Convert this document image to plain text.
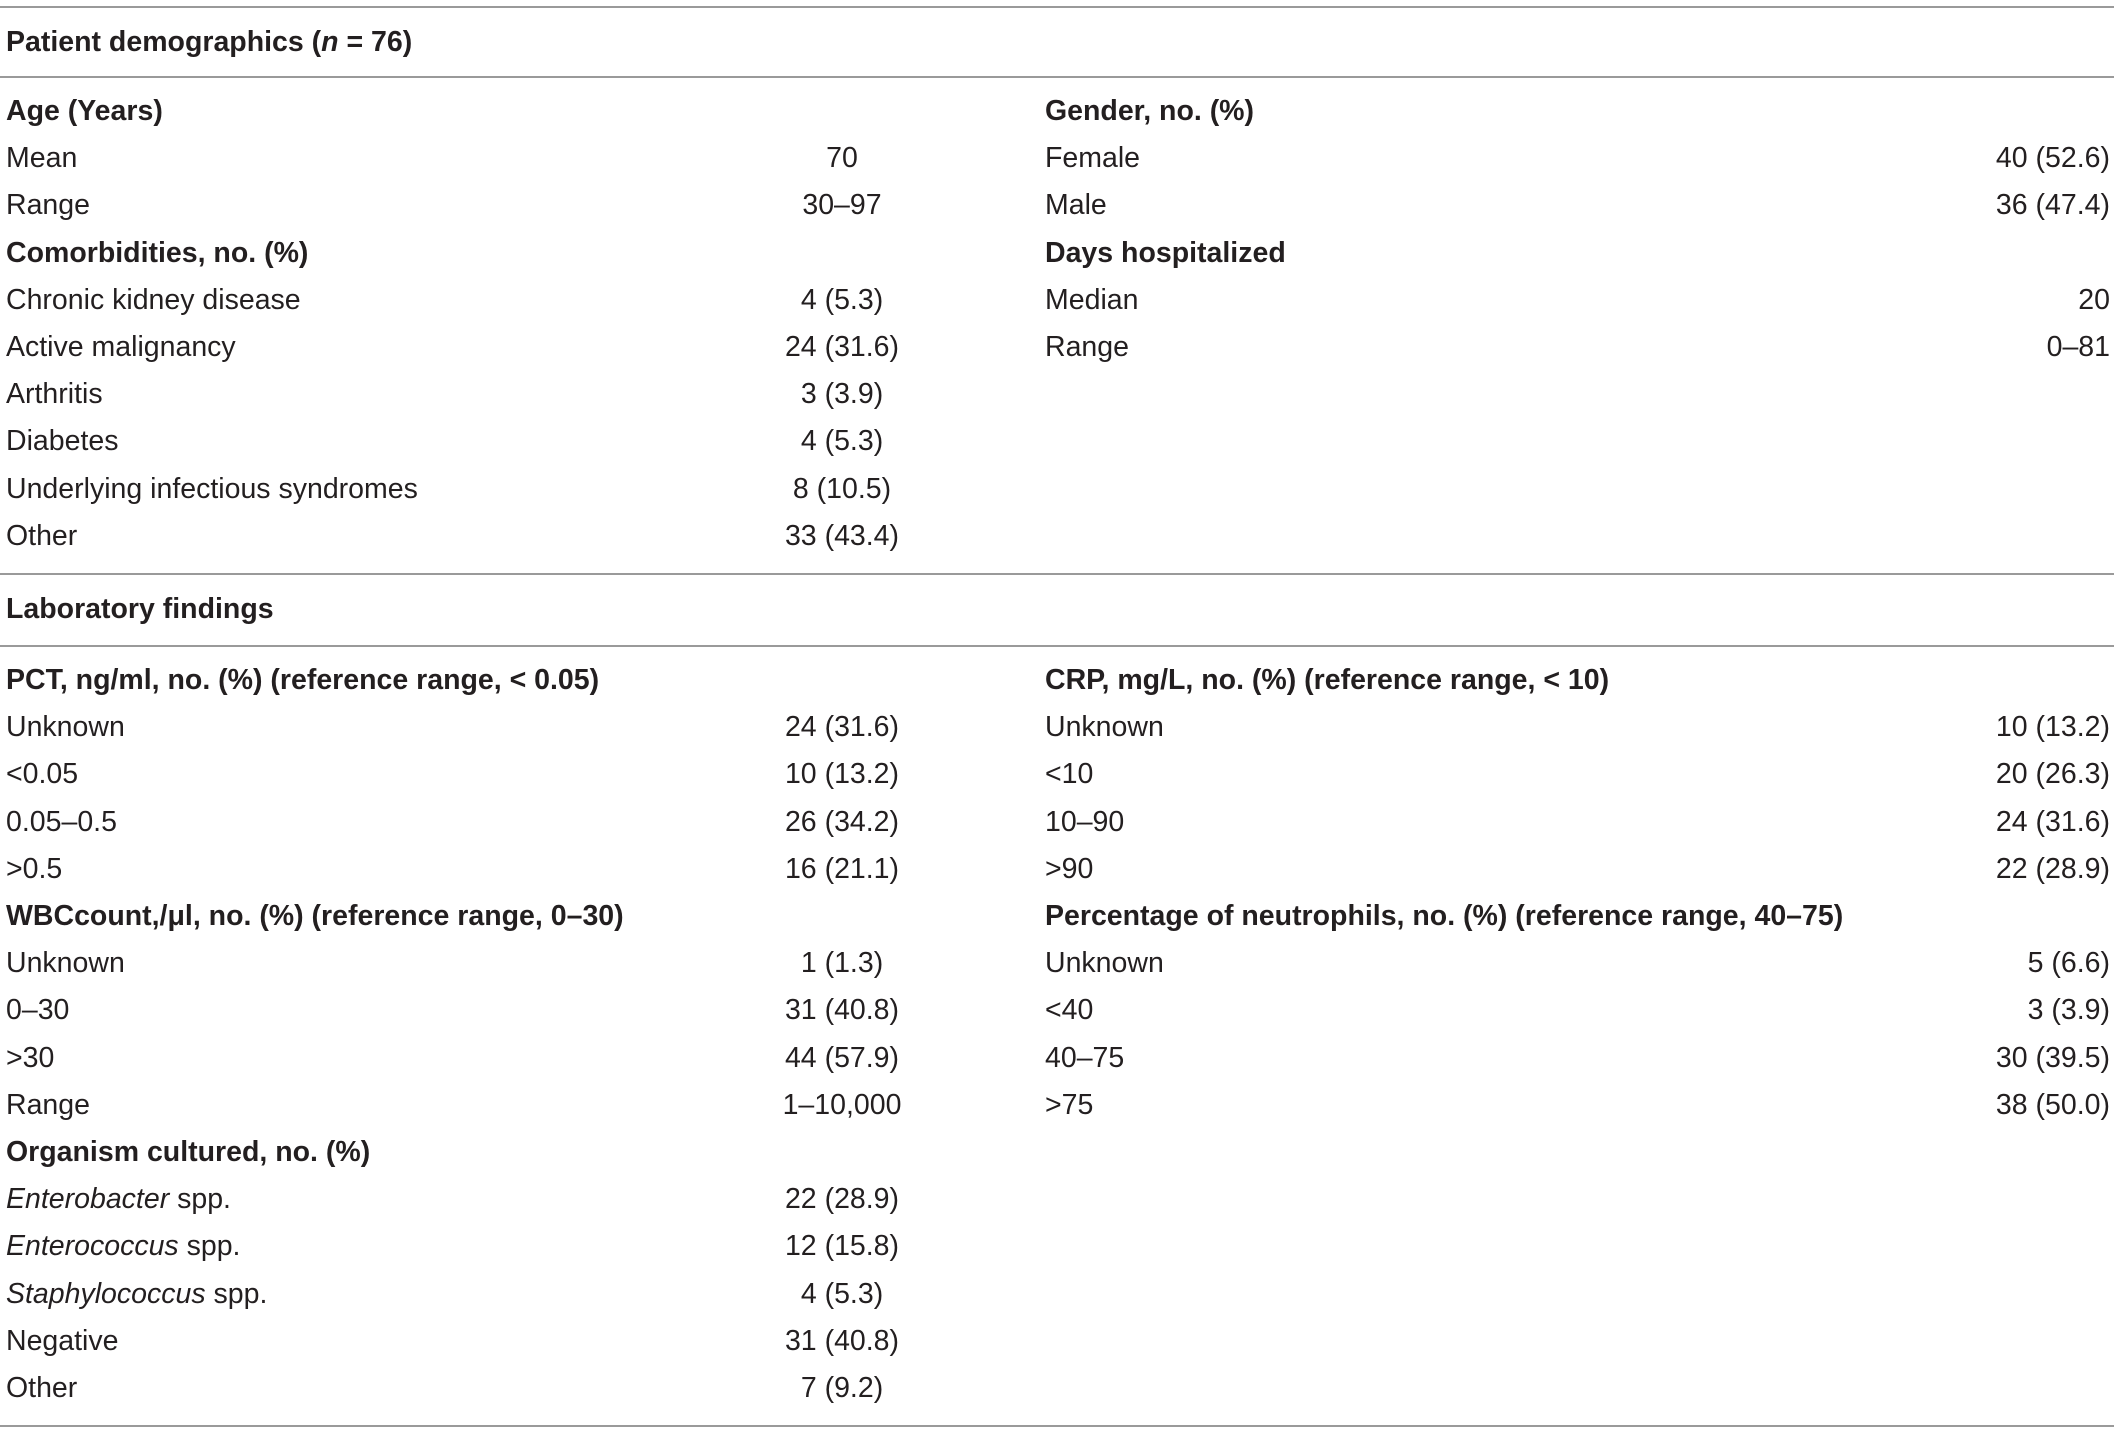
Patient demographics (n = 76)
Age (Years)
Mean	70
Range	30–97
Comorbidities, no. (%)
Chronic kidney disease	4 (5.3)
Active malignancy	24 (31.6)
Arthritis	3 (3.9)
Diabetes	4 (5.3)
Underlying infectious syndromes	8 (10.5)
Other	33 (43.4)
Gender, no. (%)
Female	40 (52.6)
Male	36 (47.4)
Days hospitalized
Median	20
Range	0–81
Laboratory findings
PCT, ng/ml, no. (%) (reference range, < 0.05)
Unknown	24 (31.6)
<0.05	10 (13.2)
0.05–0.5	26 (34.2)
>0.5	16 (21.1)
WBCcount,/μl, no. (%) (reference range, 0–30)
Unknown	1 (1.3)
0–30	31 (40.8)
>30	44 (57.9)
Range	1–10,000
Organism cultured, no. (%)
Enterobacter spp.	22 (28.9)
Enterococcus spp.	12 (15.8)
Staphylococcus spp.	4 (5.3)
Negative	31 (40.8)
Other	7 (9.2)
CRP, mg/L, no. (%) (reference range, < 10)
Unknown	10 (13.2)
<10	20 (26.3)
10–90	24 (31.6)
>90	22 (28.9)
Percentage of neutrophils, no. (%) (reference range, 40–75)
Unknown	5 (6.6)
<40	3 (3.9)
40–75	30 (39.5)
>75	38 (50.0)
